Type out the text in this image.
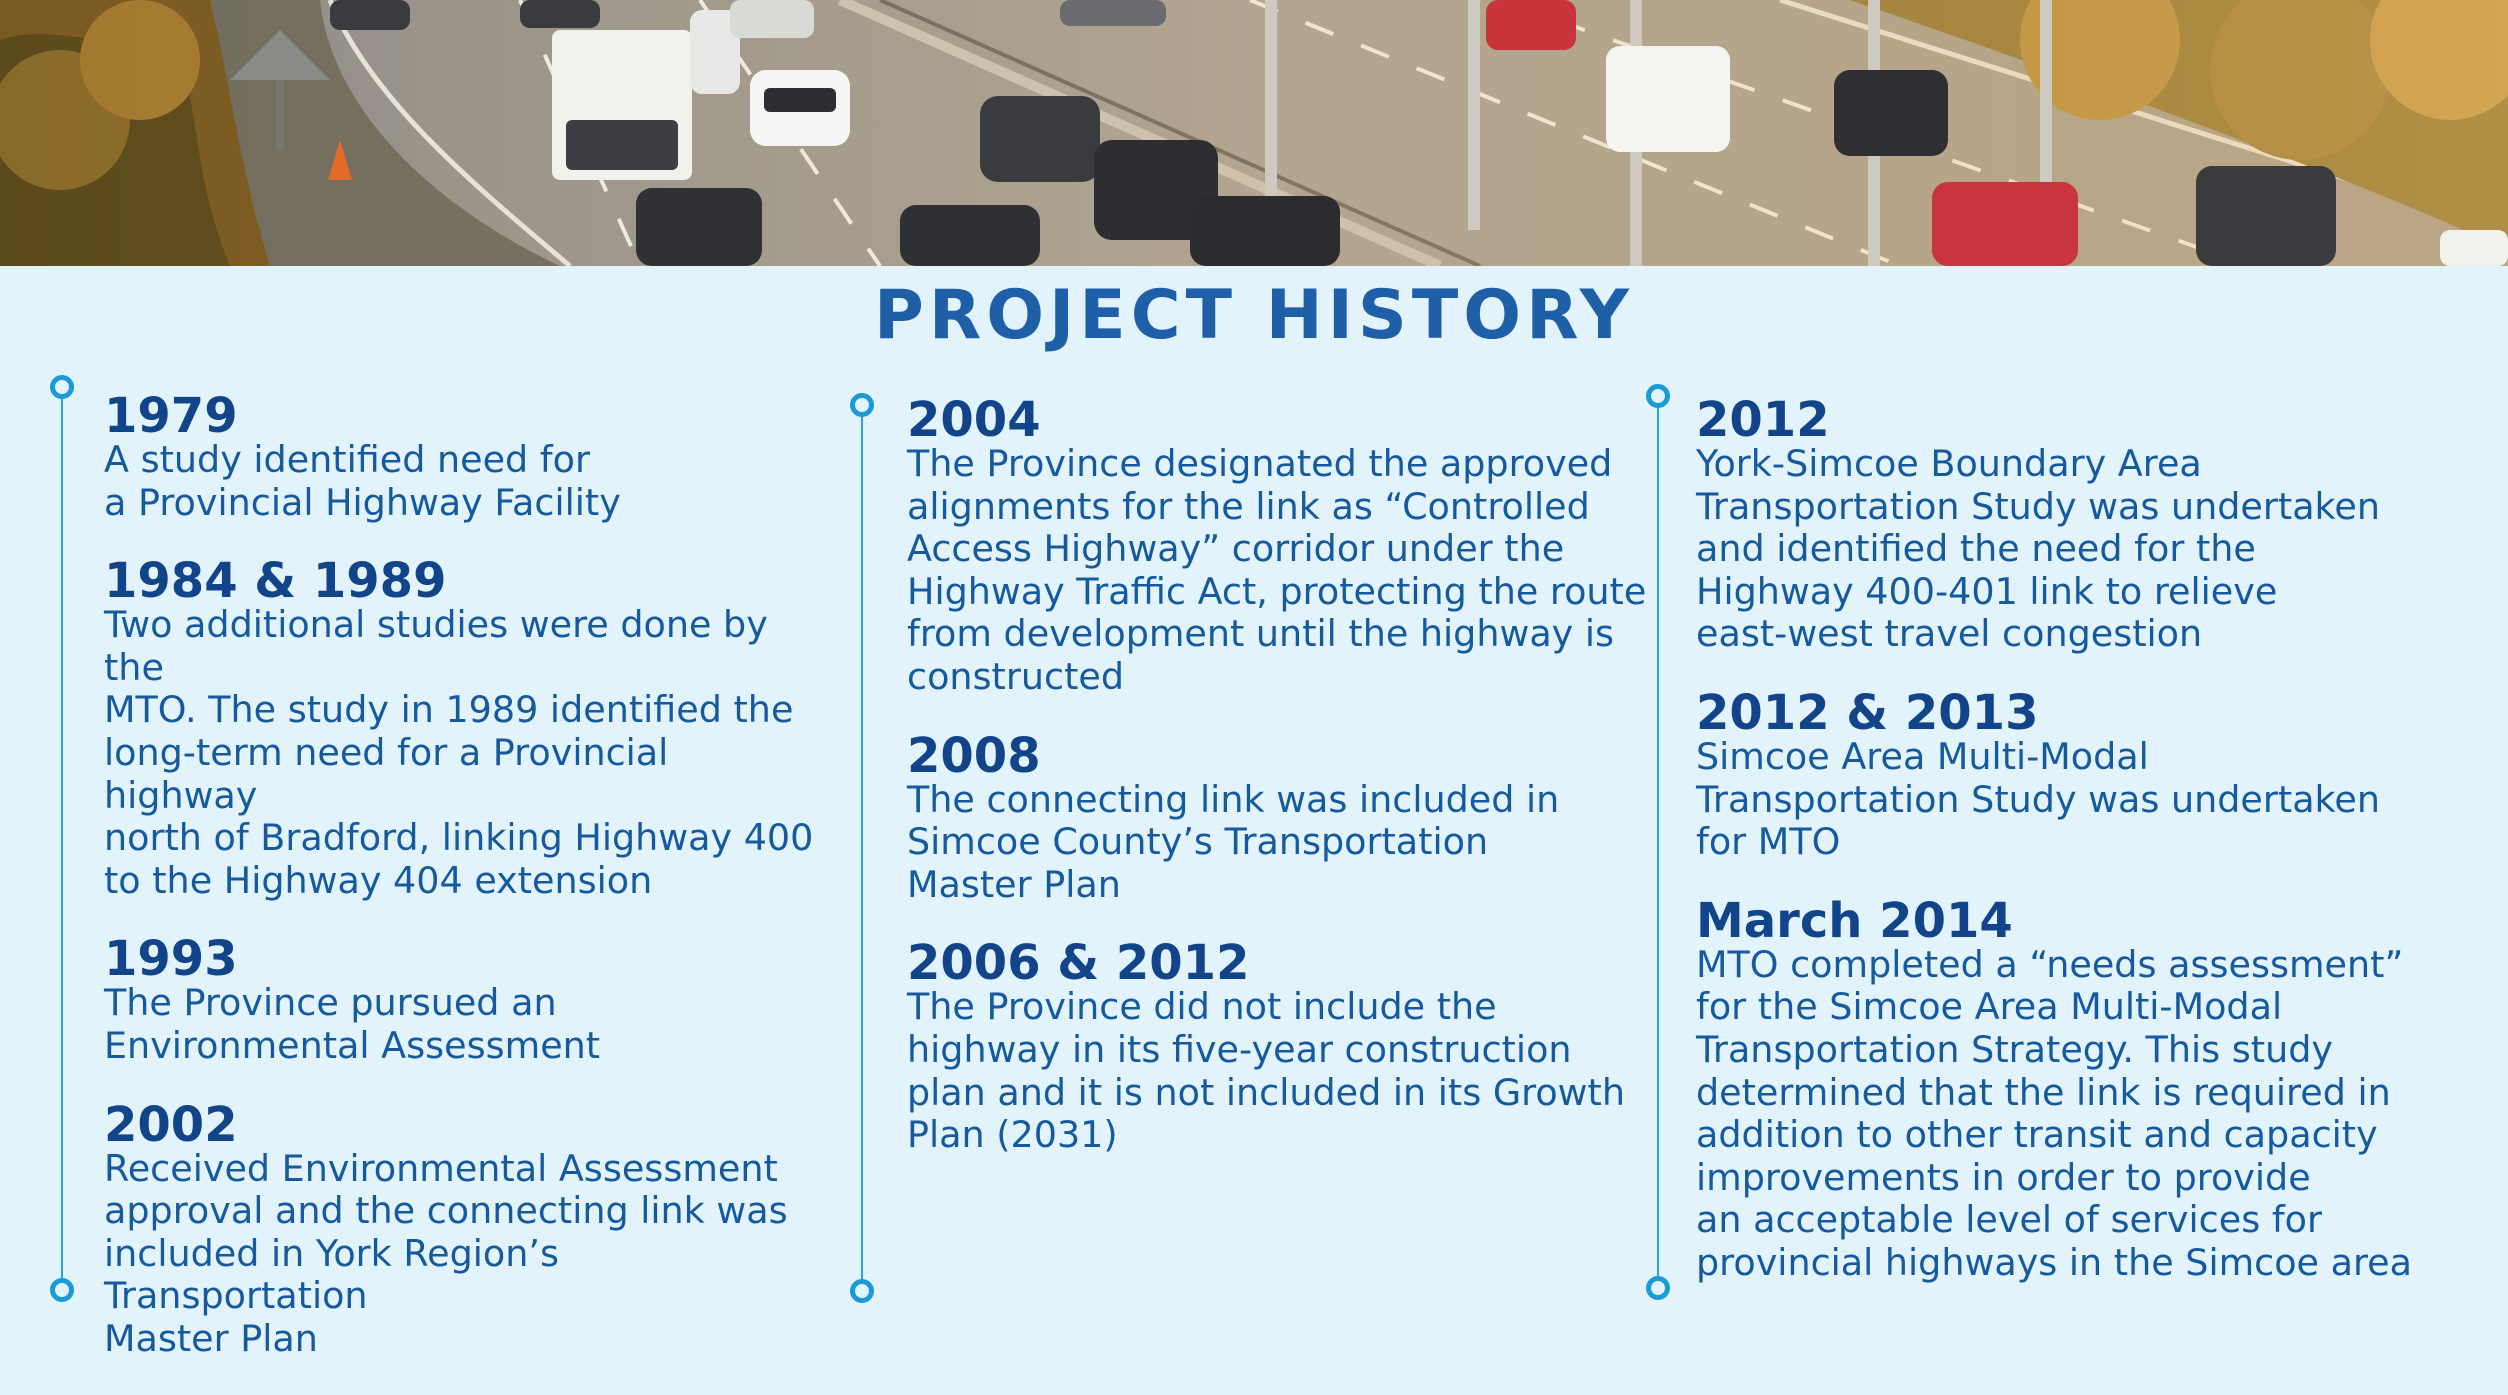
PROJECT HISTORY

1979

A study identified need for
a Provincial Highway Facility

1984 & 1989

Two additional studies were done by the
MTO. The study in 1989 identified the
long-term need for a Provincial highway
north of Bradford, linking Highway 400
to the Highway 404 extension

1993

The Province pursued an
Environmental Assessment

2002

Received Environmental Assessment
approval and the connecting link was
included in York Region’s Transportation
Master Plan

2004

The Province designated the approved
alignments for the link as “Controlled
Access Highway” corridor under the
Highway Traffic Act, protecting the route
from development until the highway is
constructed

2008

The connecting link was included in
Simcoe County’s Transportation
Master Plan

2006 & 2012

The Province did not include the
highway in its five-year construction
plan and it is not included in its Growth
Plan (2031)

2012

York-Simcoe Boundary Area
Transportation Study was undertaken
and identified the need for the
Highway 400-401 link to relieve
east-west travel congestion

2012 & 2013

Simcoe Area Multi-Modal
Transportation Study was undertaken
for MTO

March 2014

MTO completed a “needs assessment”
for the Simcoe Area Multi-Modal
Transportation Strategy. This study
determined that the link is required in
addition to other transit and capacity
improvements in order to provide
an acceptable level of services for
provincial highways in the Simcoe area
